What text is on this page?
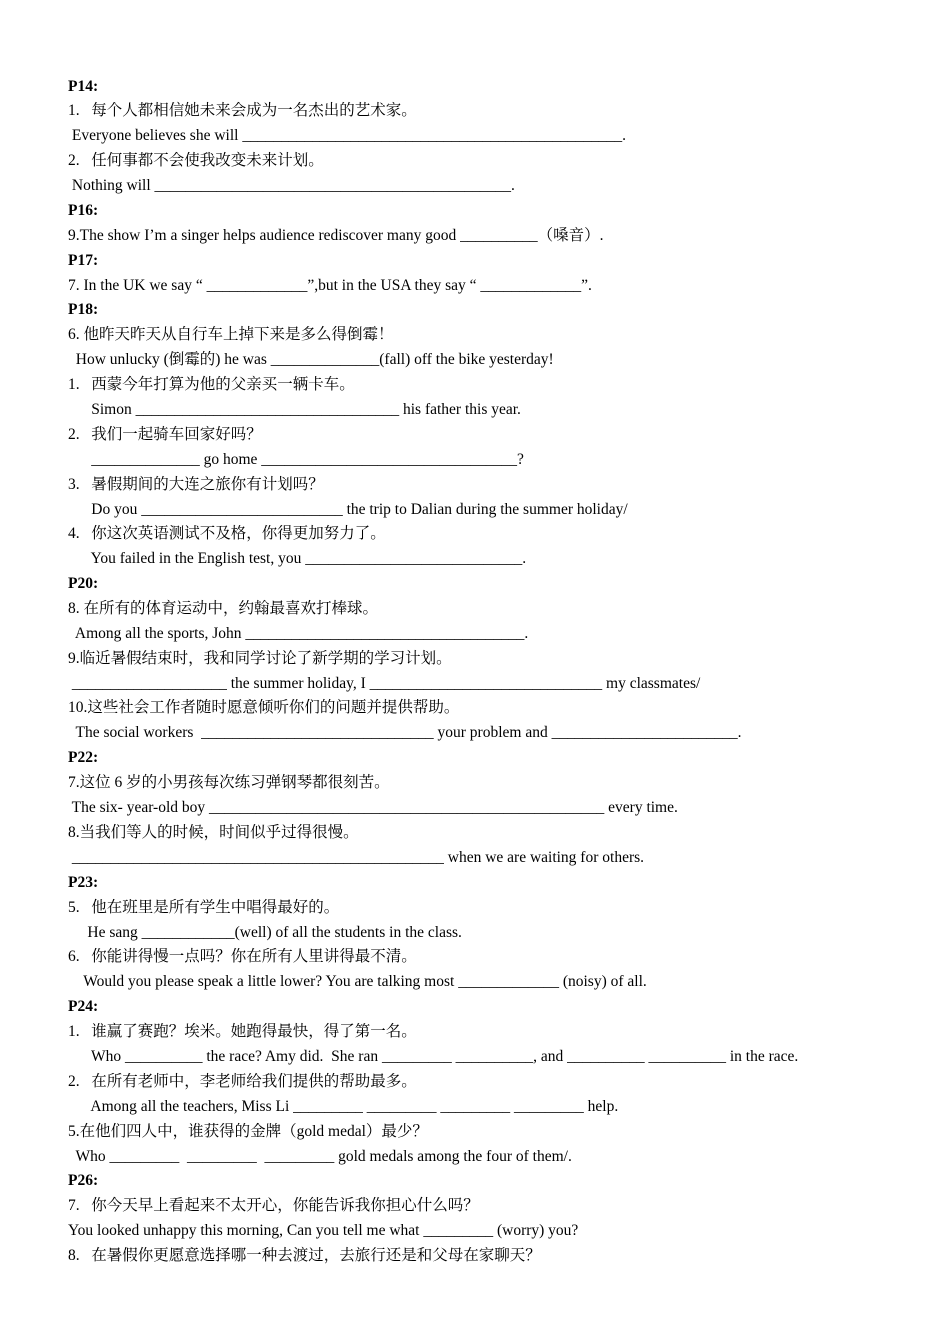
P14:
1.   每个人都相信她未来会成为一名杰出的艺术家。
Everyone believes she will _________________________________________________.
2.   任何事都不会使我改变未来计划。
Nothing will ______________________________________________.
P16:
9.The show I’m a singer helps audience rediscover many good __________（嗓音）.
P17:
7. In the UK we say “ _____________”,but in the USA they say “ _____________”.
P18:
6. 他昨天昨天从自行车上掉下来是多么得倒霉！
How unlucky (倒霉的) he was ______________(fall) off the bike yesterday!
1.   西蒙今年打算为他的父亲买一辆卡车。
Simon __________________________________ his father this year.
2.   我们一起骑车回家好吗？
______________ go home _________________________________?
3.   暑假期间的大连之旅你有计划吗？
Do you __________________________ the trip to Dalian during the summer holiday/
4.   你这次英语测试不及格，你得更加努力了。
You failed in the English test, you ____________________________.
P20:
8. 在所有的体育运动中，约翰最喜欢打棒球。
Among all the sports, John ____________________________________.
9.临近暑假结束时，我和同学讨论了新学期的学习计划。
____________________ the summer holiday, I ______________________________ my classmates/
10.这些社会工作者随时愿意倾听你们的问题并提供帮助。
The social workers  ______________________________ your problem and ________________________.
P22:
7.这位 6 岁的小男孩每次练习弹钢琴都很刻苦。
The six- year-old boy ___________________________________________________ every time.
8.当我们等人的时候，时间似乎过得很慢。
________________________________________________ when we are waiting for others.
P23:
5.   他在班里是所有学生中唱得最好的。
He sang ____________(well) of all the students in the class.
6.   你能讲得慢一点吗？你在所有人里讲得最不清。
Would you please speak a little lower? You are talking most _____________ (noisy) of all.
P24:
1.   谁赢了赛跑？埃米。她跑得最快，得了第一名。
Who __________ the race? Amy did.  She ran _________ __________, and __________ __________ in the race.
2.   在所有老师中，李老师给我们提供的帮助最多。
Among all the teachers, Miss Li _________ _________ _________ _________ help.
5.在他们四人中，谁获得的金牌（gold medal）最少？
Who _________  _________  _________ gold medals among the four of them/.
P26:
7.   你今天早上看起来不太开心，你能告诉我你担心什么吗？
You looked unhappy this morning, Can you tell me what _________ (worry) you?
8.   在暑假你更愿意选择哪一种去渡过，去旅行还是和父母在家聊天？
